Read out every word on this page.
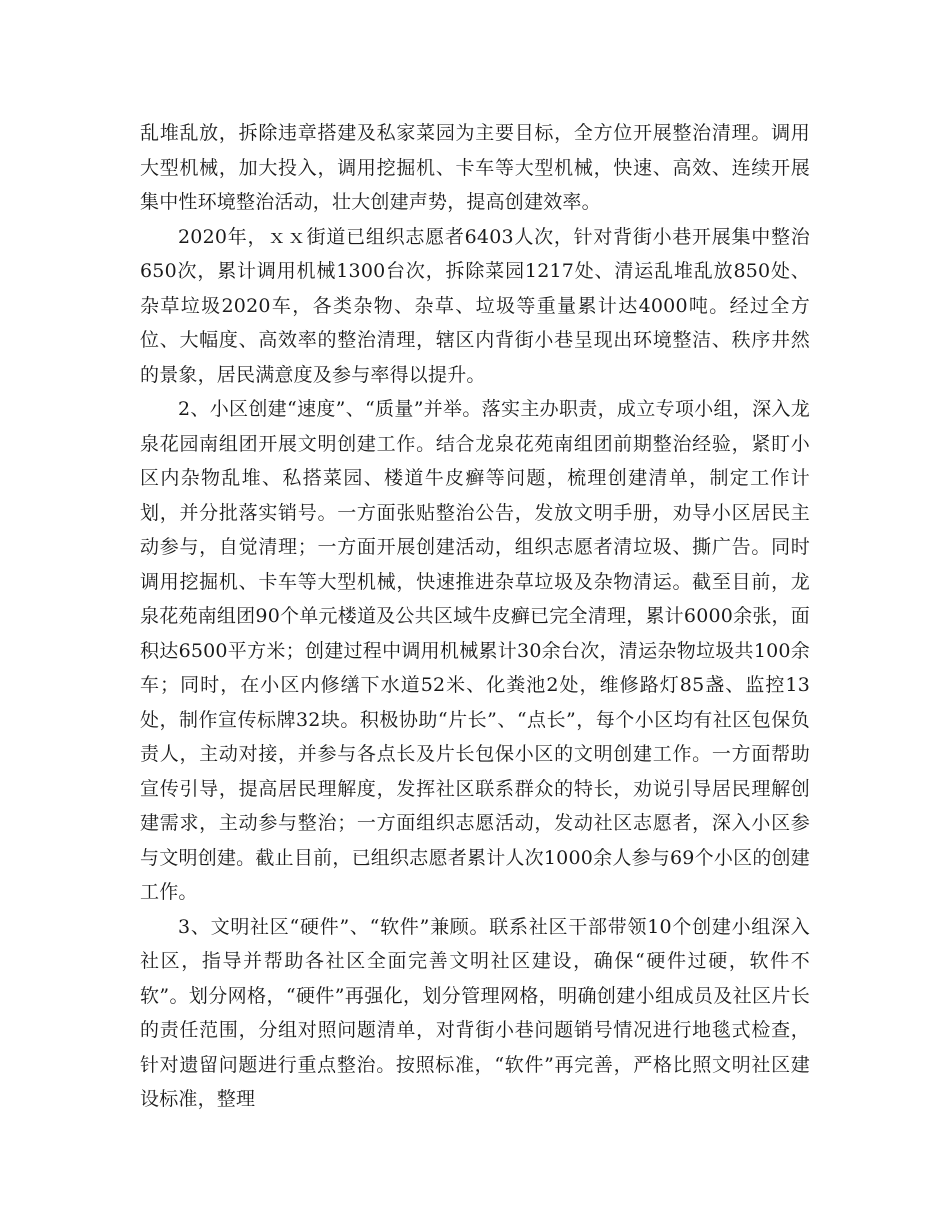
乱堆乱放，拆除违章搭建及私家菜园为主要目标，全方位开展整治清理。调用大型机械，加大投入，调用挖掘机、卡车等大型机械，快速、高效、连续开展集中性环境整治活动，壮大创建声势，提高创建效率。

2020年，ｘｘ街道已组织志愿者6403人次，针对背街小巷开展集中整治650次，累计调用机械1300台次，拆除菜园1217处、清运乱堆乱放850处、杂草垃圾2020车，各类杂物、杂草、垃圾等重量累计达4000吨。经过全方位、大幅度、高效率的整治清理，辖区内背街小巷呈现出环境整洁、秩序井然的景象，居民满意度及参与率得以提升。

2、小区创建“速度”、“质量”并举。落实主办职责，成立专项小组，深入龙泉花园南组团开展文明创建工作。结合龙泉花苑南组团前期整治经验，紧盯小区内杂物乱堆、私搭菜园、楼道牛皮癣等问题，梳理创建清单，制定工作计划，并分批落实销号。一方面张贴整治公告，发放文明手册，劝导小区居民主动参与，自觉清理；一方面开展创建活动，组织志愿者清垃圾、撕广告。同时调用挖掘机、卡车等大型机械，快速推进杂草垃圾及杂物清运。截至目前，龙泉花苑南组团90个单元楼道及公共区域牛皮癣已完全清理，累计6000余张，面积达6500平方米；创建过程中调用机械累计30余台次，清运杂物垃圾共100余车；同时，在小区内修缮下水道52米、化粪池2处，维修路灯85盏、监控13处，制作宣传标牌32块。积极协助“片长”、“点长”，每个小区均有社区包保负责人，主动对接，并参与各点长及片长包保小区的文明创建工作。一方面帮助宣传引导，提高居民理解度，发挥社区联系群众的特长，劝说引导居民理解创建需求，主动参与整治；一方面组织志愿活动，发动社区志愿者，深入小区参与文明创建。截止目前，已组织志愿者累计人次1000余人参与69个小区的创建工作。

3、文明社区“硬件”、“软件”兼顾。联系社区干部带领10个创建小组深入社区，指导并帮助各社区全面完善文明社区建设，确保“硬件过硬，软件不软”。划分网格，“硬件”再强化，划分管理网格，明确创建小组成员及社区片长的责任范围，分组对照问题清单，对背街小巷问题销号情况进行地毯式检查，针对遗留问题进行重点整治。按照标准，“软件”再完善，严格比照文明社区建设标准，整理
